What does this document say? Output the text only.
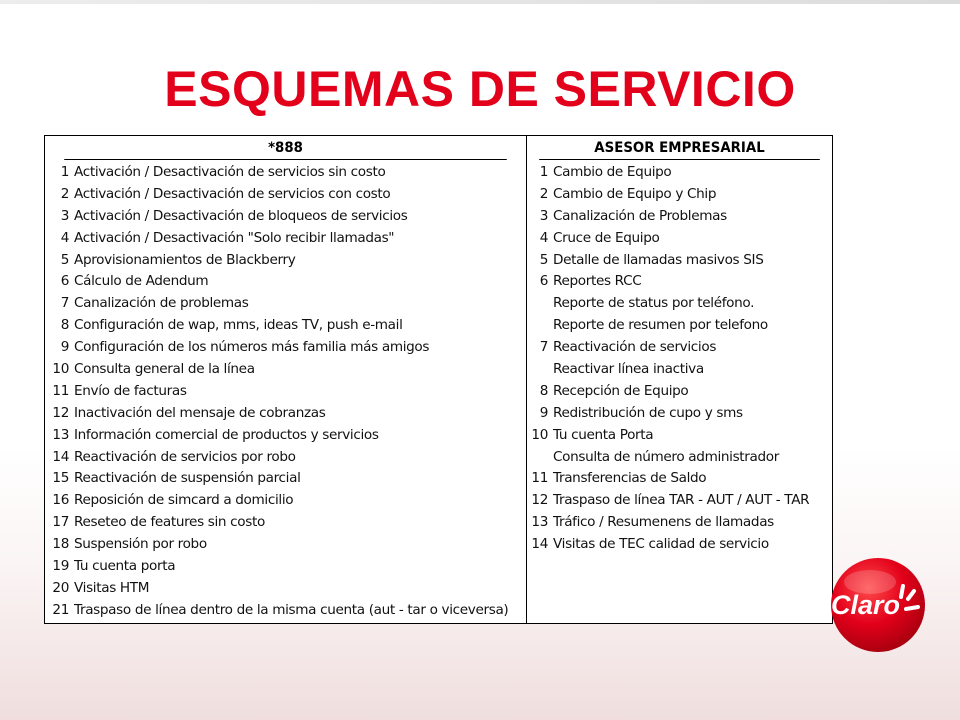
ESQUEMAS DE SERVICIO
*888
1 Activación / Desactivación de servicios sin costo
2 Activación / Desactivación de servicios con costo
3 Activación / Desactivación de bloqueos de servicios
4 Activación / Desactivación "Solo recibir llamadas"
5 Aprovisionamientos de Blackberry
6 Cálculo de Adendum
7 Canalización de problemas
8 Configuración de wap, mms, ideas TV, push e-mail
9 Configuración de los números más familia más amigos
10 Consulta general de la línea
11 Envío de facturas
12 Inactivación del mensaje de cobranzas
13 Información comercial de productos y servicios
14 Reactivación de servicios por robo
15 Reactivación de suspensión parcial
16 Reposición de simcard a domicilio
17 Reseteo de features sin costo
18 Suspensión por robo
19 Tu cuenta porta
20 Visitas HTM
21 Traspaso de línea dentro de la misma cuenta (aut - tar o viceversa)
ASESOR EMPRESARIAL
1 Cambio de Equipo
2 Cambio de Equipo y Chip
3 Canalización de Problemas
4 Cruce de Equipo
5 Detalle de llamadas masivos SIS
6 Reportes RCC
Reporte de status por teléfono.
Reporte de resumen por telefono
7 Reactivación de servicios
Reactivar línea inactiva
8 Recepción de Equipo
9 Redistribución de cupo y sms
10 Tu cuenta Porta
Consulta de número administrador
11 Transferencias de Saldo
12 Traspaso de línea TAR - AUT / AUT - TAR
13 Tráfico / Resumenens de llamadas
14 Visitas de TEC calidad de servicio
Claro
